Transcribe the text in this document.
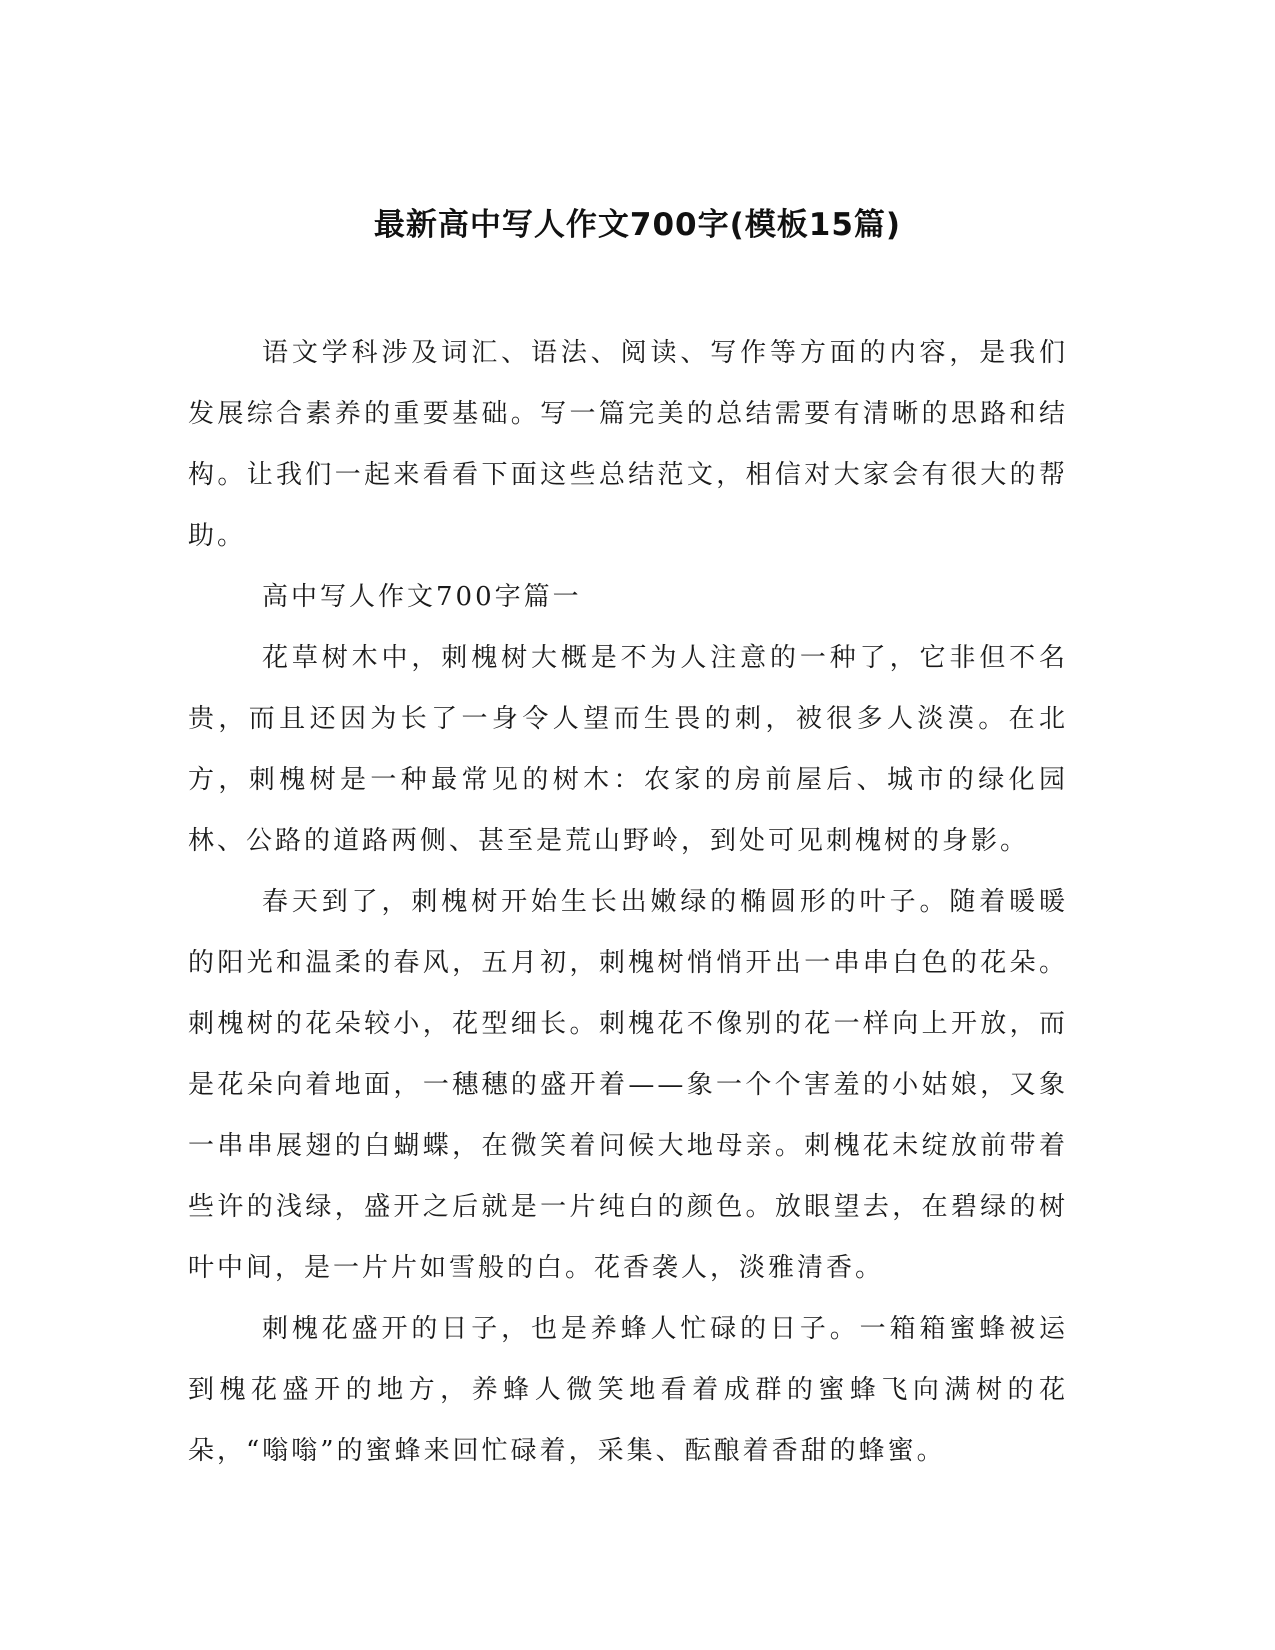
最新高中写人作文700字(模板15篇)

语文学科涉及词汇、语法、阅读、写作等方面的内容，是我们发展综合素养的重要基础。写一篇完美的总结需要有清晰的思路和结构。让我们一起来看看下面这些总结范文，相信对大家会有很大的帮助。

高中写人作文700字篇一

花草树木中，刺槐树大概是不为人注意的一种了，它非但不名贵，而且还因为长了一身令人望而生畏的刺，被很多人淡漠。在北方，刺槐树是一种最常见的树木：农家的房前屋后、城市的绿化园林、公路的道路两侧、甚至是荒山野岭，到处可见刺槐树的身影。

春天到了，刺槐树开始生长出嫩绿的椭圆形的叶子。随着暖暖的阳光和温柔的春风，五月初，刺槐树悄悄开出一串串白色的花朵。刺槐树的花朵较小，花型细长。刺槐花不像别的花一样向上开放，而是花朵向着地面，一穗穗的盛开着——象一个个害羞的小姑娘，又象一串串展翅的白蝴蝶，在微笑着问候大地母亲。刺槐花未绽放前带着些许的浅绿，盛开之后就是一片纯白的颜色。放眼望去，在碧绿的树叶中间，是一片片如雪般的白。花香袭人，淡雅清香。

刺槐花盛开的日子，也是养蜂人忙碌的日子。一箱箱蜜蜂被运到槐花盛开的地方，养蜂人微笑地看着成群的蜜蜂飞向满树的花朵，“嗡嗡”的蜜蜂来回忙碌着，采集、酝酿着香甜的蜂蜜。
